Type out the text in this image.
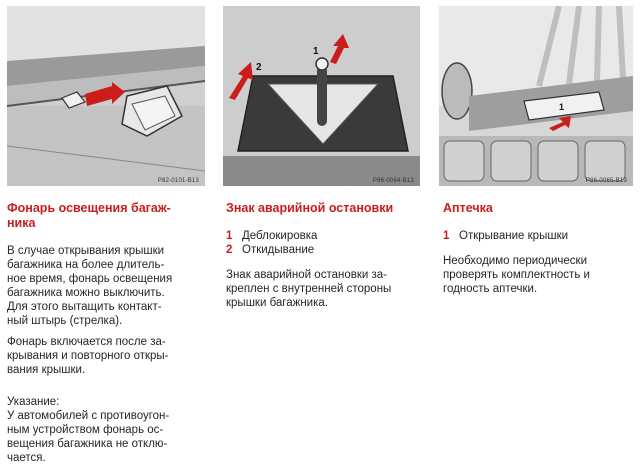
P82-0101-B13
1
2
P86-0064-B13
1
P86-0065-B13
Фонарь освещения багаж-
ника
В случае открывания крышки
багажника на более длитель-
ное время, фонарь освещения
багажника можно выключить.
Для этого вытащить контакт-
ный штырь (стрелка).
Фонарь включается после за-
крывания и повторного откры-
вания крышки.
Указание:
У автомобилей с противоугон-
ным устройством фонарь ос-
вещения багажника не отклю-
чается.
Знак аварийной остановки
1 Деблокировка
2 Откидывание
Знак аварийной остановки за-
креплен с внутренней стороны
крышки багажника.
Аптечка
1 Открывание крышки
Необходимо периодически
проверять комплектность и
годность аптечки.
